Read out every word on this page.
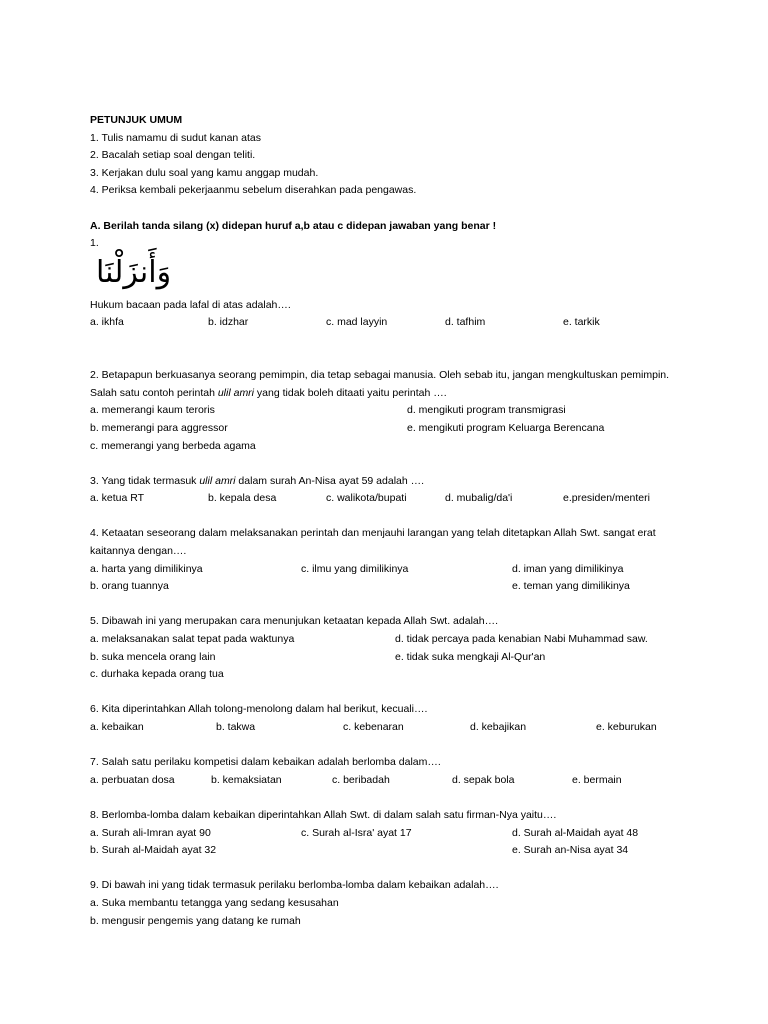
PETUNJUK UMUM
1. Tulis namamu di sudut kanan atas
2. Bacalah setiap soal dengan teliti.
3. Kerjakan dulu soal yang kamu anggap mudah.
4. Periksa kembali pekerjaanmu sebelum diserahkan pada pengawas.
A. Berilah tanda silang (x) didepan huruf a,b atau c didepan jawaban yang benar !
1.
وَأَنزَلْنَا
Hukum bacaan pada lafal di atas adalah….
a. ikhfa	b. idzhar	c. mad layyin	d. tafhim	e. tarkik
2. Betapapun berkuasanya seorang pemimpin, dia tetap sebagai manusia. Oleh sebab itu, jangan mengkultuskan pemimpin.
Salah satu contoh perintah ulil amri yang tidak boleh ditaati yaitu perintah ….
a. memerangi kaum teroris	d. mengikuti program transmigrasi
b. memerangi para aggressor	e. mengikuti program Keluarga Berencana
c. memerangi yang berbeda agama
3. Yang tidak termasuk ulil amri dalam surah An-Nisa ayat 59 adalah ….
a. ketua RT	b. kepala desa	c. walikota/bupati	d. mubalig/da'i	e.presiden/menteri
4. Ketaatan seseorang dalam melaksanakan perintah dan menjauhi larangan yang telah ditetapkan Allah Swt. sangat erat
kaitannya dengan….
a. harta yang dimilikinya	c. ilmu yang dimilikinya	d. iman yang dimilikinya
b. orang tuannya	e. teman yang dimilikinya
5. Dibawah ini yang merupakan cara menunjukan ketaatan kepada Allah Swt. adalah….
a. melaksanakan salat tepat pada waktunya	d. tidak percaya pada kenabian Nabi Muhammad saw.
b. suka mencela orang lain	e. tidak suka mengkaji Al-Qur'an
c. durhaka kepada orang tua
6. Kita diperintahkan Allah tolong-menolong dalam hal berikut, kecuali….
a. kebaikan	b. takwa	c. kebenaran	d. kebajikan	e. keburukan
7. Salah satu perilaku kompetisi dalam kebaikan adalah berlomba dalam….
a. perbuatan dosa	b. kemaksiatan	c. beribadah	d. sepak bola	e. bermain
8. Berlomba-lomba dalam kebaikan diperintahkan Allah Swt. di dalam salah satu firman-Nya yaitu….
a. Surah ali-Imran ayat 90	c. Surah al-Isra' ayat 17	d. Surah al-Maidah ayat 48
b. Surah al-Maidah ayat 32	e. Surah an-Nisa ayat 34
9. Di bawah ini yang tidak termasuk perilaku berlomba-lomba dalam kebaikan adalah….
a. Suka membantu tetangga yang sedang kesusahan
b. mengusir pengemis yang datang ke rumah
